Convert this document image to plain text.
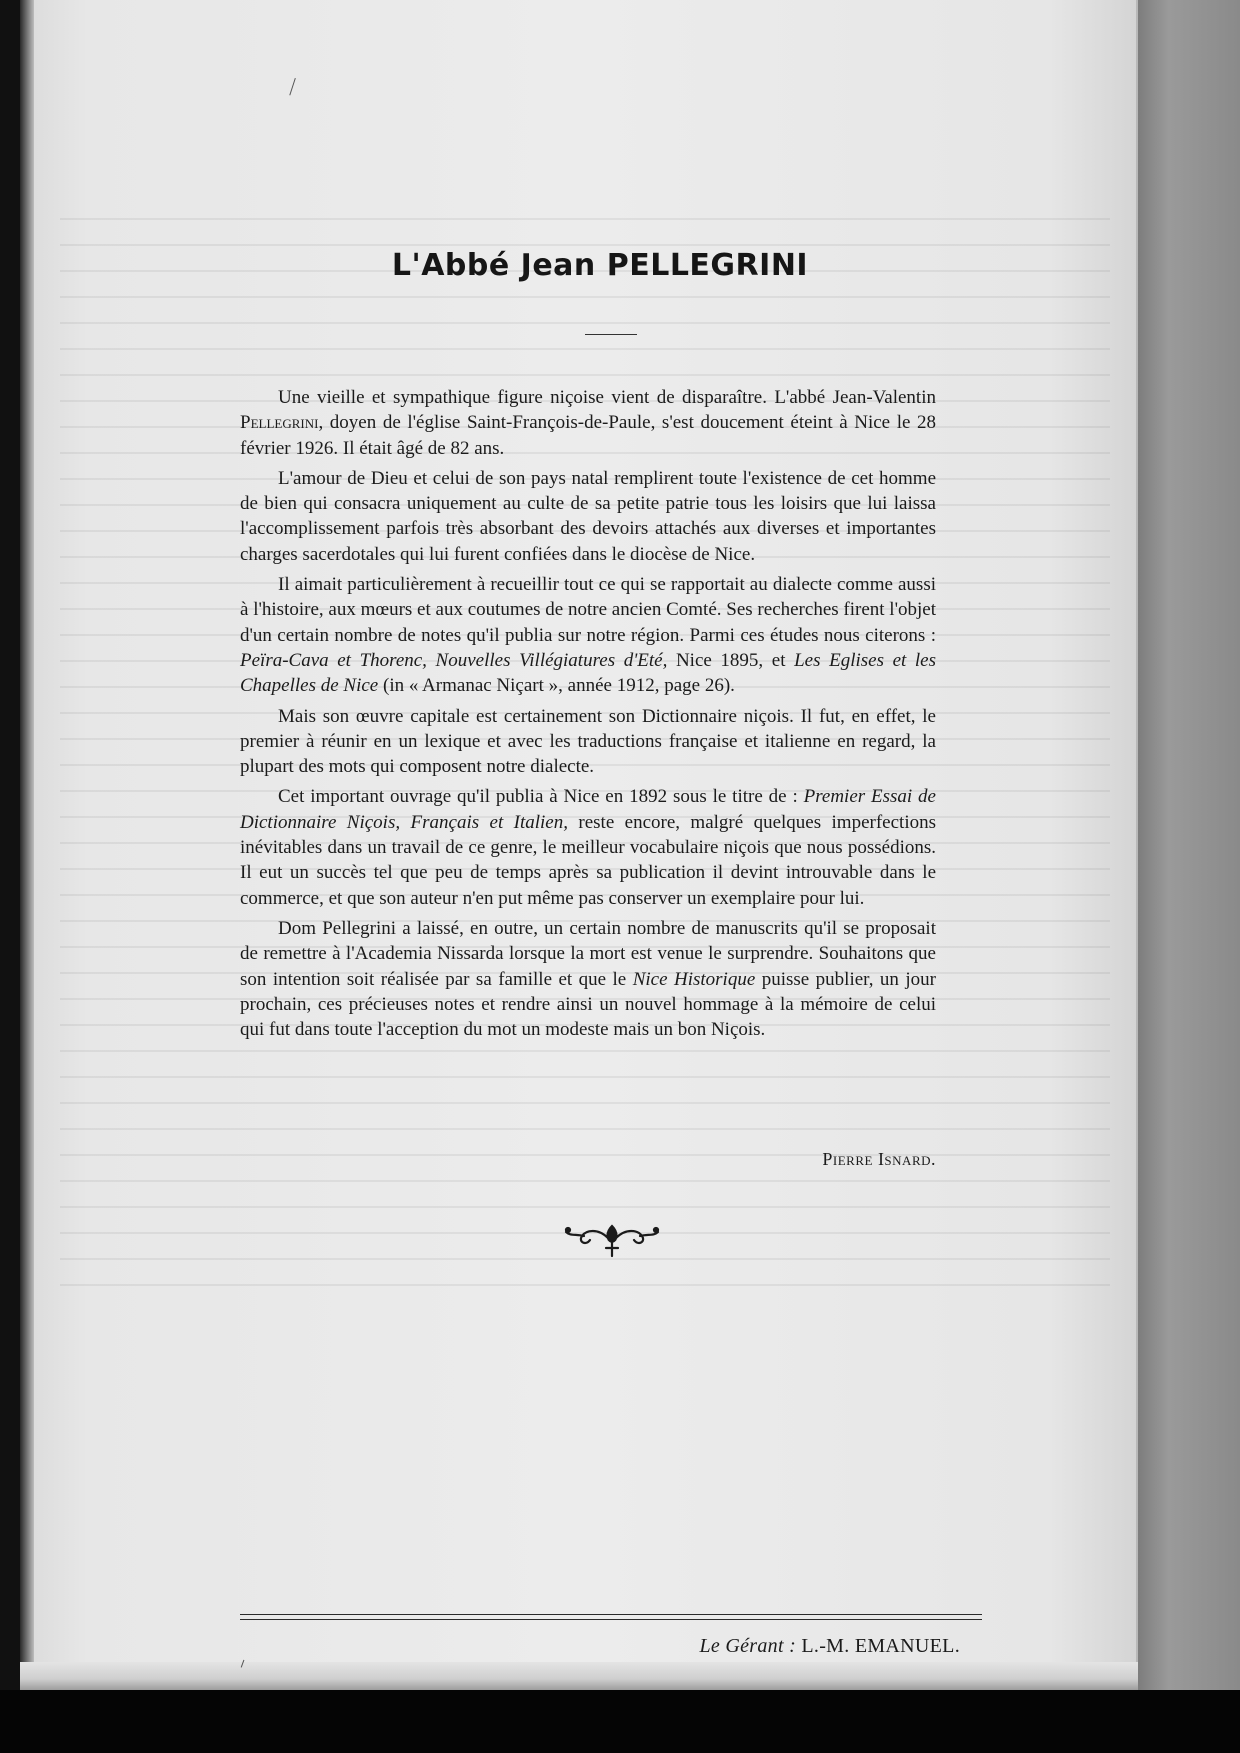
L'Abbé Jean PELLEGRINI

Une vieille et sympathique figure niçoise vient de disparaître. L'abbé Jean-Valentin Pellegrini, doyen de l'église Saint-François-de-Paule, s'est doucement éteint à Nice le 28 février 1926. Il était âgé de 82 ans.

L'amour de Dieu et celui de son pays natal remplirent toute l'existence de cet homme de bien qui consacra uniquement au culte de sa petite patrie tous les loisirs que lui laissa l'accomplissement parfois très absorbant des devoirs attachés aux diverses et importantes charges sacerdotales qui lui furent confiées dans le diocèse de Nice.

Il aimait particulièrement à recueillir tout ce qui se rapportait au dialecte comme aussi à l'histoire, aux mœurs et aux coutumes de notre ancien Comté. Ses recherches firent l'objet d'un certain nombre de notes qu'il publia sur notre région. Parmi ces études nous citerons : Peïra-Cava et Thorenc, Nouvelles Villégiatures d'Eté, Nice 1895, et Les Eglises et les Chapelles de Nice (in « Armanac Niçart », année 1912, page 26).

Mais son œuvre capitale est certainement son Dictionnaire niçois. Il fut, en effet, le premier à réunir en un lexique et avec les traductions française et italienne en regard, la plupart des mots qui composent notre dialecte.

Cet important ouvrage qu'il publia à Nice en 1892 sous le titre de : Premier Essai de Dictionnaire Niçois, Français et Italien, reste encore, malgré quelques imperfections inévitables dans un travail de ce genre, le meilleur vocabulaire niçois que nous possédions. Il eut un succès tel que peu de temps après sa publication il devint introuvable dans le commerce, et que son auteur n'en put même pas conserver un exemplaire pour lui.

Dom Pellegrini a laissé, en outre, un certain nombre de manuscrits qu'il se proposait de remettre à l'Academia Nissarda lorsque la mort est venue le surprendre. Souhaitons que son intention soit réalisée par sa famille et que le Nice Historique puisse publier, un jour prochain, ces précieuses notes et rendre ainsi un nouvel hommage à la mémoire de celui qui fut dans toute l'acception du mot un modeste mais un bon Niçois.

Pierre Isnard.
Le Gérant : L.-M. EMANUEL.
